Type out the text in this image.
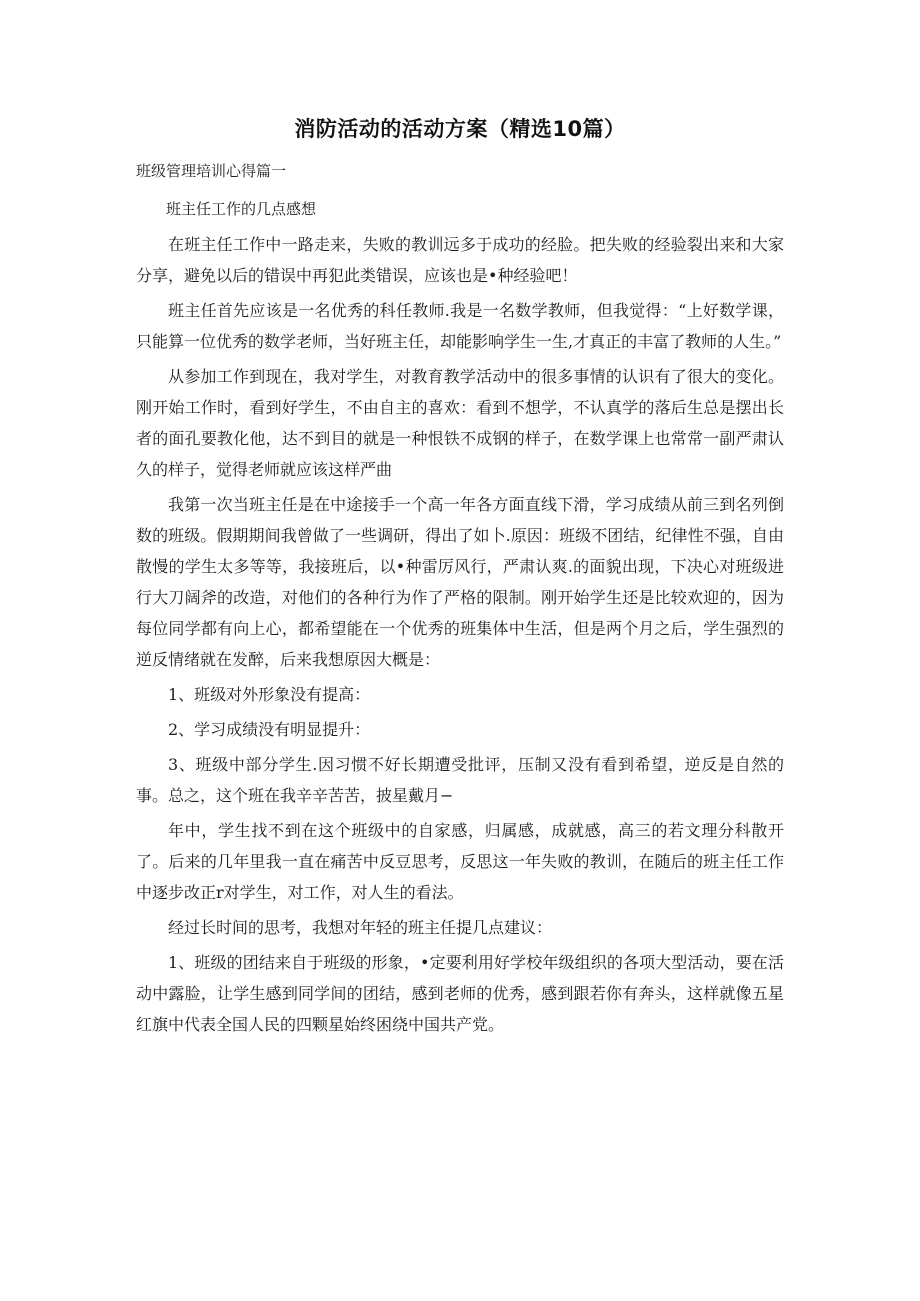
消防活动的活动方案（精选10篇）
班级管理培训心得篇一

班主任工作的几点感想

在班主任工作中一路走来，失败的教训远多于成功的经脸。把失败的经验裂出来和大家分享，避免以后的错误中再犯此类错误，应该也是•种经验吧！

班主任首先应该是一名优秀的科任教师.我是一名数学教师，但我觉得：“上好数学课，只能算一位优秀的数学老师，当好班主任，却能影响学生一生,才真正的丰富了教师的人生。”

从参加工作到现在，我对学生，对教育教学活动中的很多事情的认识有了很大的变化。刚开始工作时，看到好学生，不由自主的喜欢：看到不想学，不认真学的落后生总是摆出长者的面孔要教化他，达不到目的就是一种恨铁不成钢的样子，在数学课上也常常一副严肃认久的样子，觉得老师就应该这样严曲

我第一次当班主任是在中途接手一个高一年各方面直线下滑，学习成绩从前三到名列倒数的班级。假期期间我曾做了一些调研，得出了如卜.原因：班级不团结，纪律性不强，自由散慢的学生太多等等，我接班后，以•种雷厉风行，严肃认爽.的面貌出现，下决心对班级进行大刀阔斧的改造，对他们的各种行为作了严格的限制。刚开始学生还是比较欢迎的，因为每位同学都有向上心，都希望能在一个优秀的班集体中生活，但是两个月之后，学生强烈的逆反情绪就在发醉，后来我想原因大概是：

1、班级对外形象没有提高：

2、学习成绩没有明显提升：

3、班级中部分学生.因习惯不好长期遭受批评，压制又没有看到希望，逆反是自然的事。总之，这个班在我辛辛苦苦，披星戴月−

年中，学生找不到在这个班级中的自家感，归属感，成就感，高三的若文理分科散开了。后来的几年里我一直在痛苦中反豆思考，反思这一年失败的教训，在随后的班主任工作中逐步改正r对学生，对工作，对人生的看法。

经过长时间的思考，我想对年轻的班主任提几点建议：

1、班级的团结来自于班级的形象，•定要利用好学校年级组织的各项大型活动，要在活动中露脸，让学生感到同学间的团结，感到老师的优秀，感到跟若你有奔头，这样就像五星红旗中代表全国人民的四颗星始终困绕中国共产党。
